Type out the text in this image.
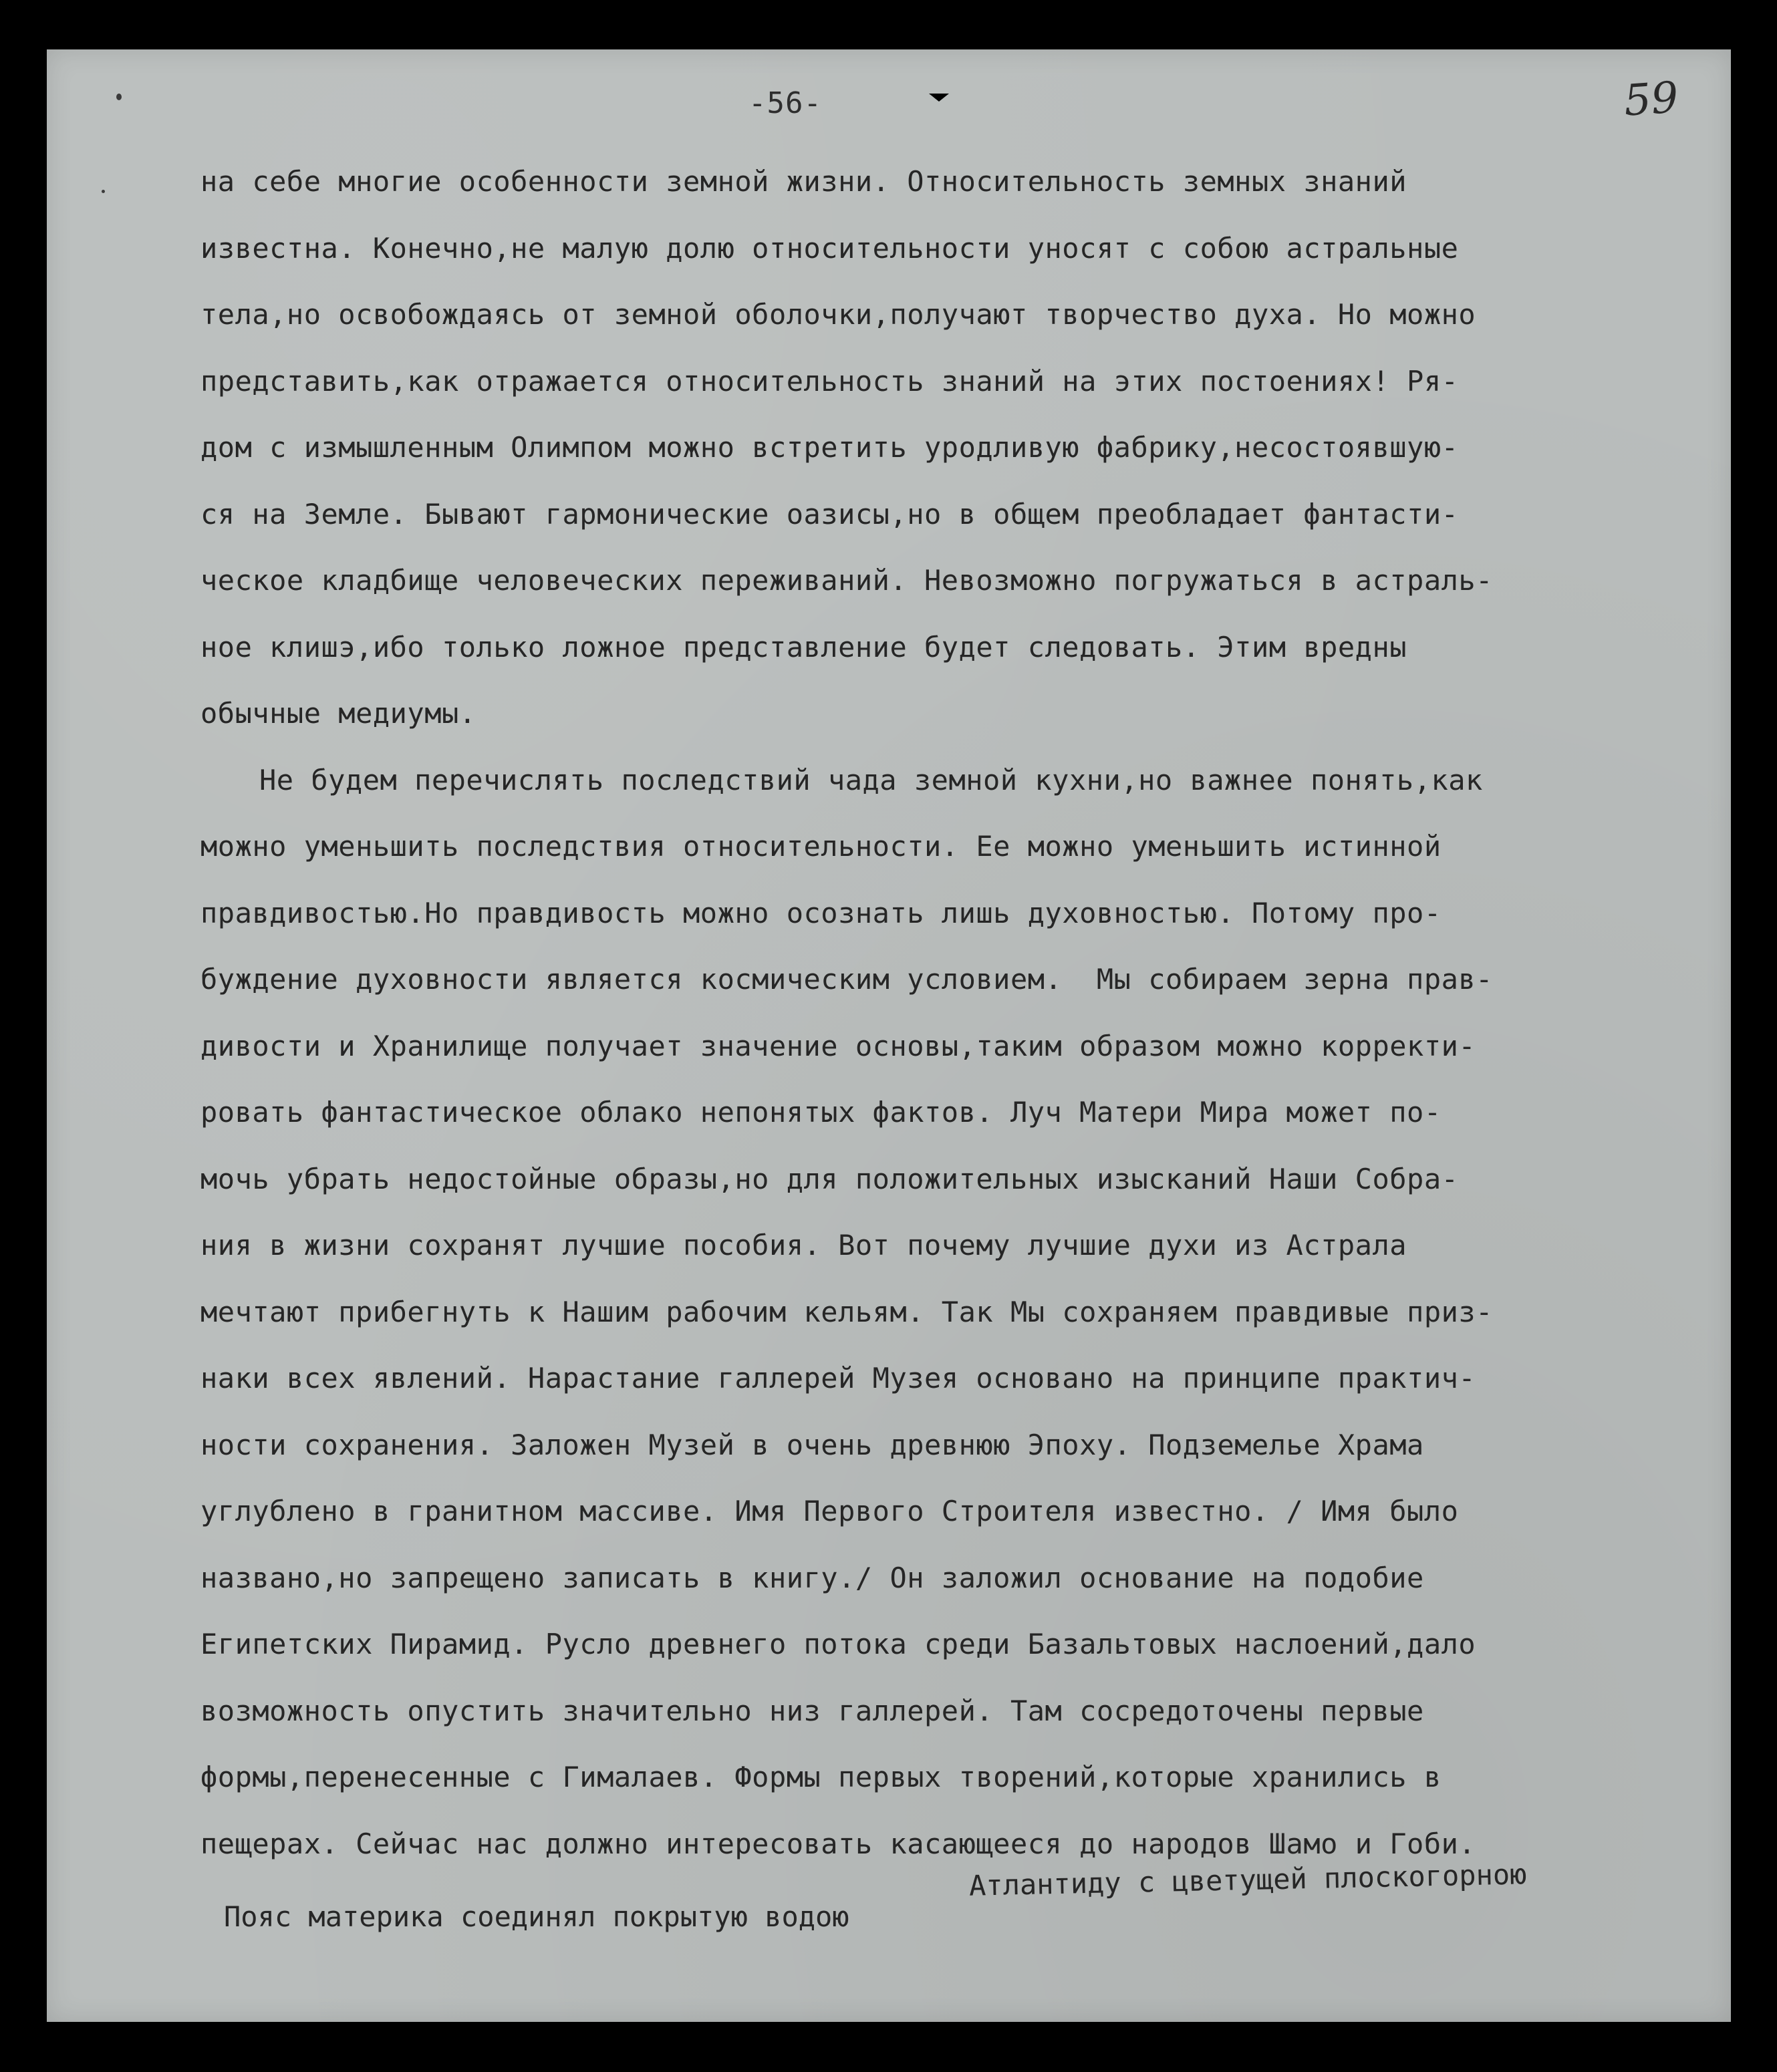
-56-	59
на себе многие особенности земной жизни. Относительность земных знаний
известна. Конечно,не малую долю относительности уносят с собою астральные
тела,но освобождаясь от земной оболочки,получают творчество духа. Но можно
представить,как отражается относительность знаний на этих постоениях! Ря-
дом с измышленным Олимпом можно встретить уродливую фабрику,несостоявшую-
ся на Земле. Бывают гармонические оазисы,но в общем преобладает фантасти-
ческое кладбище человеческих переживаний. Невозможно погружаться в астраль-
ное клишэ,ибо только ложное представление будет следовать. Этим вредны
обычные медиумы.
Не будем перечислять последствий чада земной кухни,но важнее понять,как
можно уменьшить последствия относительности. Ее можно уменьшить истинной
правдивостью.Но правдивость можно осознать лишь духовностью. Потому про-
буждение духовности является космическим условием.  Мы собираем зерна прав-
дивости и Хранилище получает значение основы,таким образом можно корректи-
ровать фантастическое облако непонятых фактов. Луч Матери Мира может по-
мочь убрать недостойные образы,но для положительных изысканий Наши Собра-
ния в жизни сохранят лучшие пособия. Вот почему лучшие духи из Астрала
мечтают прибегнуть к Нашим рабочим кельям. Так Мы сохраняем правдивые приз-
наки всех явлений. Нарастание галлерей Музея основано на принципе практич-
ности сохранения. Заложен Музей в очень древнюю Эпоху. Подземелье Храма
углублено в гранитном массиве. Имя Первого Строителя известно. / Имя было
названо,но запрещено записать в книгу./ Он заложил основание на подобие
Египетских Пирамид. Русло древнего потока среди Базальтовых наслоений,дало
возможность опустить значительно низ галлерей. Там сосредоточены первые
формы,перенесенные с Гималаев. Формы первых творений,которые хранились в
пещерах. Сейчас нас должно интересовать касающееся до народов Шамо и Гоби.
Пояс материка соединял покрытую водою
Атлантиду с цветущей плоскогорною
